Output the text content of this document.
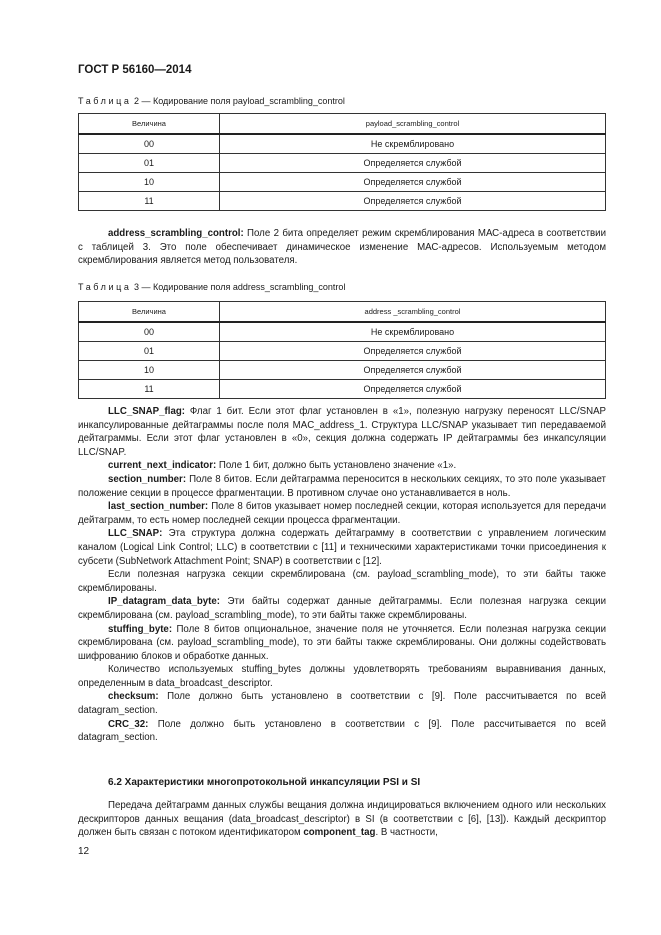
ГОСТ Р 56160—2014
Таблица 2 — Кодирование поля payload_scrambling_control
Величина	payload_scrambling_control
00	Не скремблировано
01	Определяется службой
10	Определяется службой
11	Определяется службой

address_scrambling_control: Поле 2 бита определяет режим скремблирования МАС-адреса в соответствии с таблицей 3. Это поле обеспечивает динамическое изменение МАС-адресов. Используемым методом скремблирования является метод пользователя.

Таблица 3 — Кодирование поля address_scrambling_control
Величина	address _scrambling_control
00	Не скремблировано
01	Определяется службой
10	Определяется службой
11	Определяется службой

LLC_SNAP_flag: Флаг 1 бит. Если этот флаг установлен в «1», полезную нагрузку переносят LLC/SNAP инкапсулированные дейтаграммы после поля MAC_address_1. Структура LLC/SNAP указывает тип передаваемой дейтаграммы. Если этот флаг установлен в «0», секция должна содержать IP дейтаграммы без инкапсуляции LLC/SNAP.

current_next_indicator: Поле 1 бит, должно быть установлено значение «1».

section_number: Поле 8 битов. Если дейтаграмма переносится в нескольких секциях, то это поле указывает положение секции в процессе фрагментации. В противном случае оно устанавливается в ноль.

last_section_number: Поле 8 битов указывает номер последней секции, которая используется для передачи дейтаграмм, то есть номер последней секции процесса фрагментации.

LLC_SNAP: Эта структура должна содержать дейтаграмму в соответствии с управлением логическим каналом (Logical Link Control; LLC) в соответствии с [11] и техническими характеристиками точки присоединения к субсети (SubNetwork Attachment Point; SNAP) в соответствии с [12].

Если полезная нагрузка секции скремблирована (см. payload_scrambling_mode), то эти байты также скремблированы.

IP_datagram_data_byte: Эти байты содержат данные дейтаграммы. Если полезная нагрузка секции скремблирована (см. payload_scrambling_mode), то эти байты также скремблированы.

stuffing_byte: Поле 8 битов опциональное, значение поля не уточняется. Если полезная нагрузка секции скремблирована (см. payload_scrambling_mode), то эти байты также скремблированы. Они должны содействовать шифрованию блоков и обработке данных.

Количество используемых stuffing_bytes должны удовлетворять требованиям выравнивания данных, определенным в data_broadcast_descriptor.

checksum: Поле должно быть установлено в соответствии с [9]. Поле рассчитывается по всей datagram_section.

CRC_32: Поле должно быть установлено в соответствии с [9]. Поле рассчитывается по всей datagram_section.

6.2 Характеристики многопротокольной инкапсуляции PSI и SI

Передача дейтаграмм данных службы вещания должна индицироваться включением одного или нескольких дескрипторов данных вещания (data_broadcast_descriptor) в SI (в соответствии с [6], [13]). Каждый дескриптор должен быть связан с потоком идентификатором component_tag. В частности,

12
